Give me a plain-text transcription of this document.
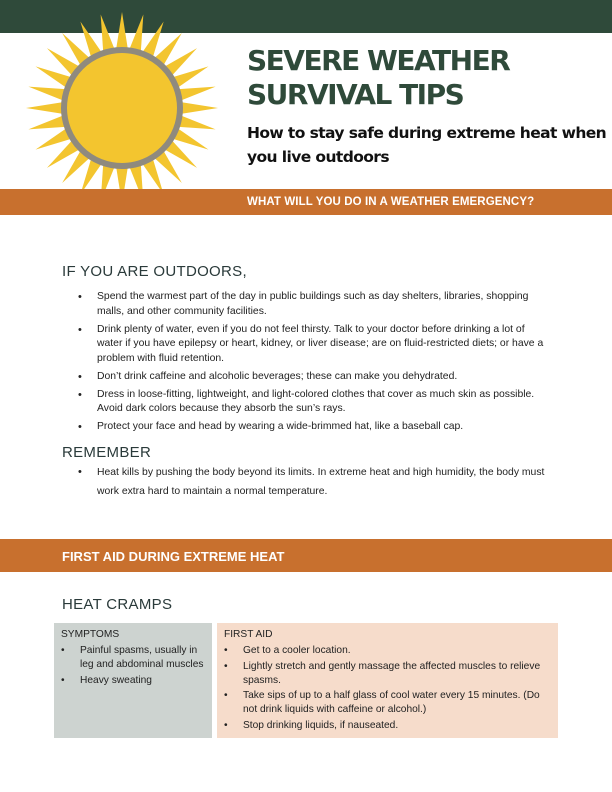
SEVERE WEATHER SURVIVAL TIPS

How to stay safe during extreme heat when you live outdoors

WHAT WILL YOU DO IN A WEATHER EMERGENCY?
IF YOU ARE OUTDOORS,
• Spend the warmest part of the day in public buildings such as day shelters, libraries, shopping malls, and other community facilities.
• Drink plenty of water, even if you do not feel thirsty. Talk to your doctor before drinking a lot of water if you have epilepsy or heart, kidney, or liver disease; are on fluid-restricted diets; or have a problem with fluid retention.
• Don’t drink caffeine and alcoholic beverages; these can make you dehydrated.
• Dress in loose-fitting, lightweight, and light-colored clothes that cover as much skin as possible. Avoid dark colors because they absorb the sun’s rays.
• Protect your face and head by wearing a wide-brimmed hat, like a baseball cap.
REMEMBER
• Heat kills by pushing the body beyond its limits. In extreme heat and high humidity, the body must work extra hard to maintain a normal temperature.
FIRST AID DURING EXTREME HEAT
HEAT CRAMPS
SYMPTOMS
• Painful spasms, usually in leg and abdominal muscles
• Heavy sweating
FIRST AID
• Get to a cooler location.
• Lightly stretch and gently massage the affected muscles to relieve spasms.
• Take sips of up to a half glass of cool water every 15 minutes. (Do not drink liquids with caffeine or alcohol.)
• Stop drinking liquids, if nauseated.
